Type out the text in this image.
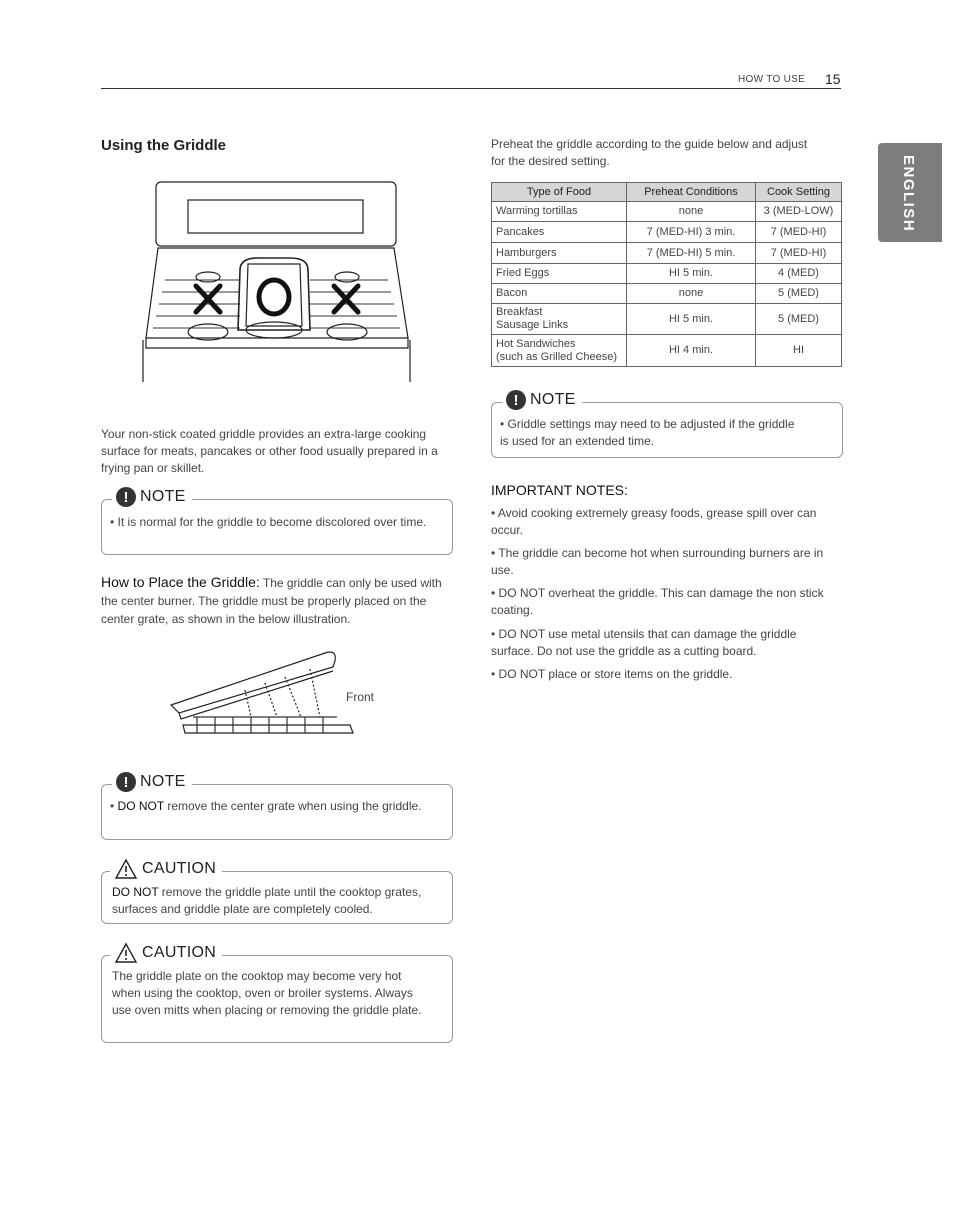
HOW TO USE 15
ENGLISH
Using the Griddle
Your non-stick coated griddle provides an extra-large cooking surface for meats, pancakes or other food usually prepared in a frying pan or skillet.
! NOTE
• It is normal for the griddle to become discolored over time.
How to Place the Griddle: The griddle can only be used with the center burner. The griddle must be properly placed on the center grate, as shown in the below illustration.
Front
! NOTE
• DO NOT remove the center grate when using the griddle.
CAUTION
DO NOT remove the griddle plate until the cooktop grates, surfaces and griddle plate are completely cooled.
CAUTION
The griddle plate on the cooktop may become very hot when using the cooktop, oven or broiler systems. Always use oven mitts when placing or removing the griddle plate.
Preheat the griddle according to the guide below and adjust for the desired setting.
Type of Food	Preheat Conditions	Cook Setting
Warming tortillas	none	3 (MED-LOW)
Pancakes	7 (MED-HI) 3 min.	7 (MED-HI)
Hamburgers	7 (MED-HI) 5 min.	7 (MED-HI)
Fried Eggs	HI 5 min.	4 (MED)
Bacon	none	5 (MED)
Breakfast
Sausage Links	HI 5 min.	5 (MED)
Hot Sandwiches
(such as Grilled Cheese)	HI 4 min.	HI
! NOTE
• Griddle settings may need to be adjusted if the griddle is used for an extended time.
IMPORTANT NOTES:
• Avoid cooking extremely greasy foods, grease spill over can occur.
• The griddle can become hot when surrounding burners are in use.
• DO NOT overheat the griddle. This can damage the non stick coating.
• DO NOT use metal utensils that can damage the griddle surface. Do not use the griddle as a cutting board.
• DO NOT place or store items on the griddle.
